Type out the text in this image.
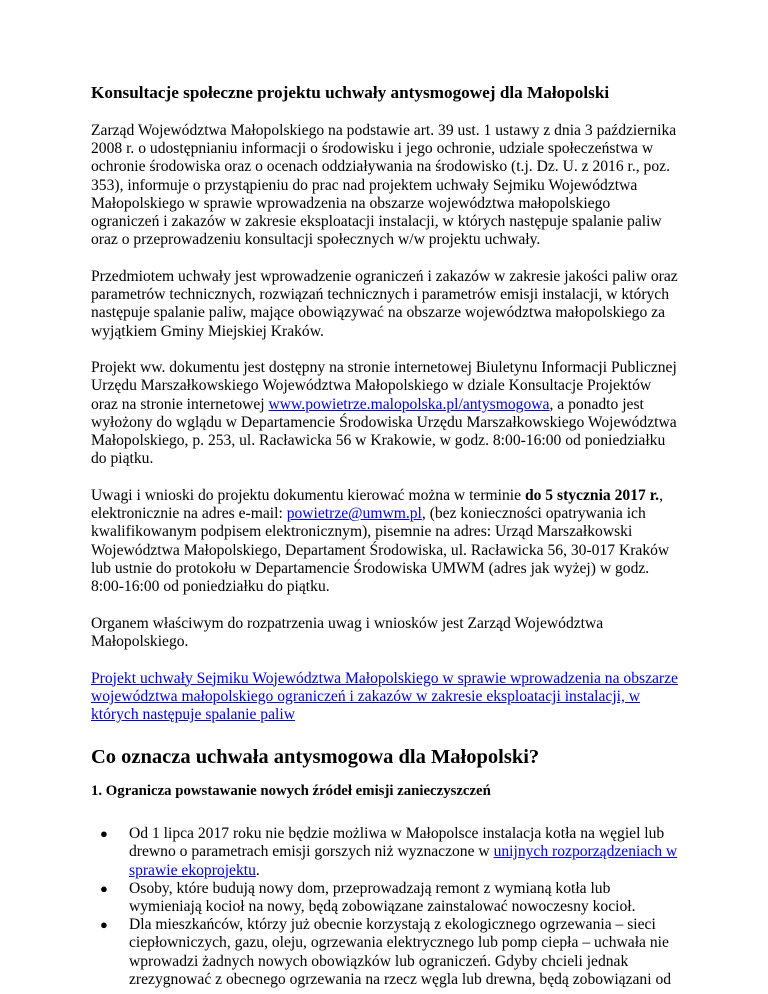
Konsultacje społeczne projektu uchwały antysmogowej dla Małopolski

Zarząd Województwa Małopolskiego na podstawie art. 39 ust. 1 ustawy z dnia 3 października 2008 r. o udostępnianiu informacji o środowisku i jego ochronie, udziale społeczeństwa w ochronie środowiska oraz o ocenach oddziaływania na środowisko (t.j. Dz. U. z 2016 r., poz. 353), informuje o przystąpieniu do prac nad projektem uchwały Sejmiku Województwa Małopolskiego w sprawie wprowadzenia na obszarze województwa małopolskiego ograniczeń i zakazów w zakresie eksploatacji instalacji, w których następuje spalanie paliw oraz o przeprowadzeniu konsultacji społecznych w/w projektu uchwały.

Przedmiotem uchwały jest wprowadzenie ograniczeń i zakazów w zakresie jakości paliw oraz parametrów technicznych, rozwiązań technicznych i parametrów emisji instalacji, w których następuje spalanie paliw, mające obowiązywać na obszarze województwa małopolskiego za wyjątkiem Gminy Miejskiej Kraków.

Projekt ww. dokumentu jest dostępny na stronie internetowej Biuletynu Informacji Publicznej Urzędu Marszałkowskiego Województwa Małopolskiego w dziale Konsultacje Projektów oraz na stronie internetowej www.powietrze.malopolska.pl/antysmogowa, a ponadto jest wyłożony do wglądu w Departamencie Środowiska Urzędu Marszałkowskiego Województwa Małopolskiego, p. 253, ul. Racławicka 56 w Krakowie, w godz. 8:00-16:00 od poniedziałku do piątku.

Uwagi i wnioski do projektu dokumentu kierować można w terminie do 5 stycznia 2017 r., elektronicznie na adres e-mail: powietrze@umwm.pl, (bez konieczności opatrywania ich kwalifikowanym podpisem elektronicznym), pisemnie na adres: Urząd Marszałkowski Województwa Małopolskiego, Departament Środowiska, ul. Racławicka 56, 30-017 Kraków lub ustnie do protokołu w Departamencie Środowiska UMWM (adres jak wyżej) w godz. 8:00-16:00 od poniedziałku do piątku.

Organem właściwym do rozpatrzenia uwag i wniosków jest Zarząd Województwa Małopolskiego.

Projekt uchwały Sejmiku Województwa Małopolskiego w sprawie wprowadzenia na obszarze województwa małopolskiego ograniczeń i zakazów w zakresie eksploatacji instalacji, w których następuje spalanie paliw

Co oznacza uchwała antysmogowa dla Małopolski?
1. Ogranicza powstawanie nowych źródeł emisji zanieczyszczeń
● Od 1 lipca 2017 roku nie będzie możliwa w Małopolsce instalacja kotła na węgiel lub drewno o parametrach emisji gorszych niż wyznaczone w unijnych rozporządzeniach w sprawie ekoprojektu.
● Osoby, które budują nowy dom, przeprowadzają remont z wymianą kotła lub wymieniają kocioł na nowy, będą zobowiązane zainstalować nowoczesny kocioł.
● Dla mieszkańców, którzy już obecnie korzystają z ekologicznego ogrzewania – sieci ciepłowniczych, gazu, oleju, ogrzewania elektrycznego lub pomp ciepła – uchwała nie wprowadzi żadnych nowych obowiązków lub ograniczeń. Gdyby chcieli jednak zrezygnować z obecnego ogrzewania na rzecz węgla lub drewna, będą zobowiązani od
